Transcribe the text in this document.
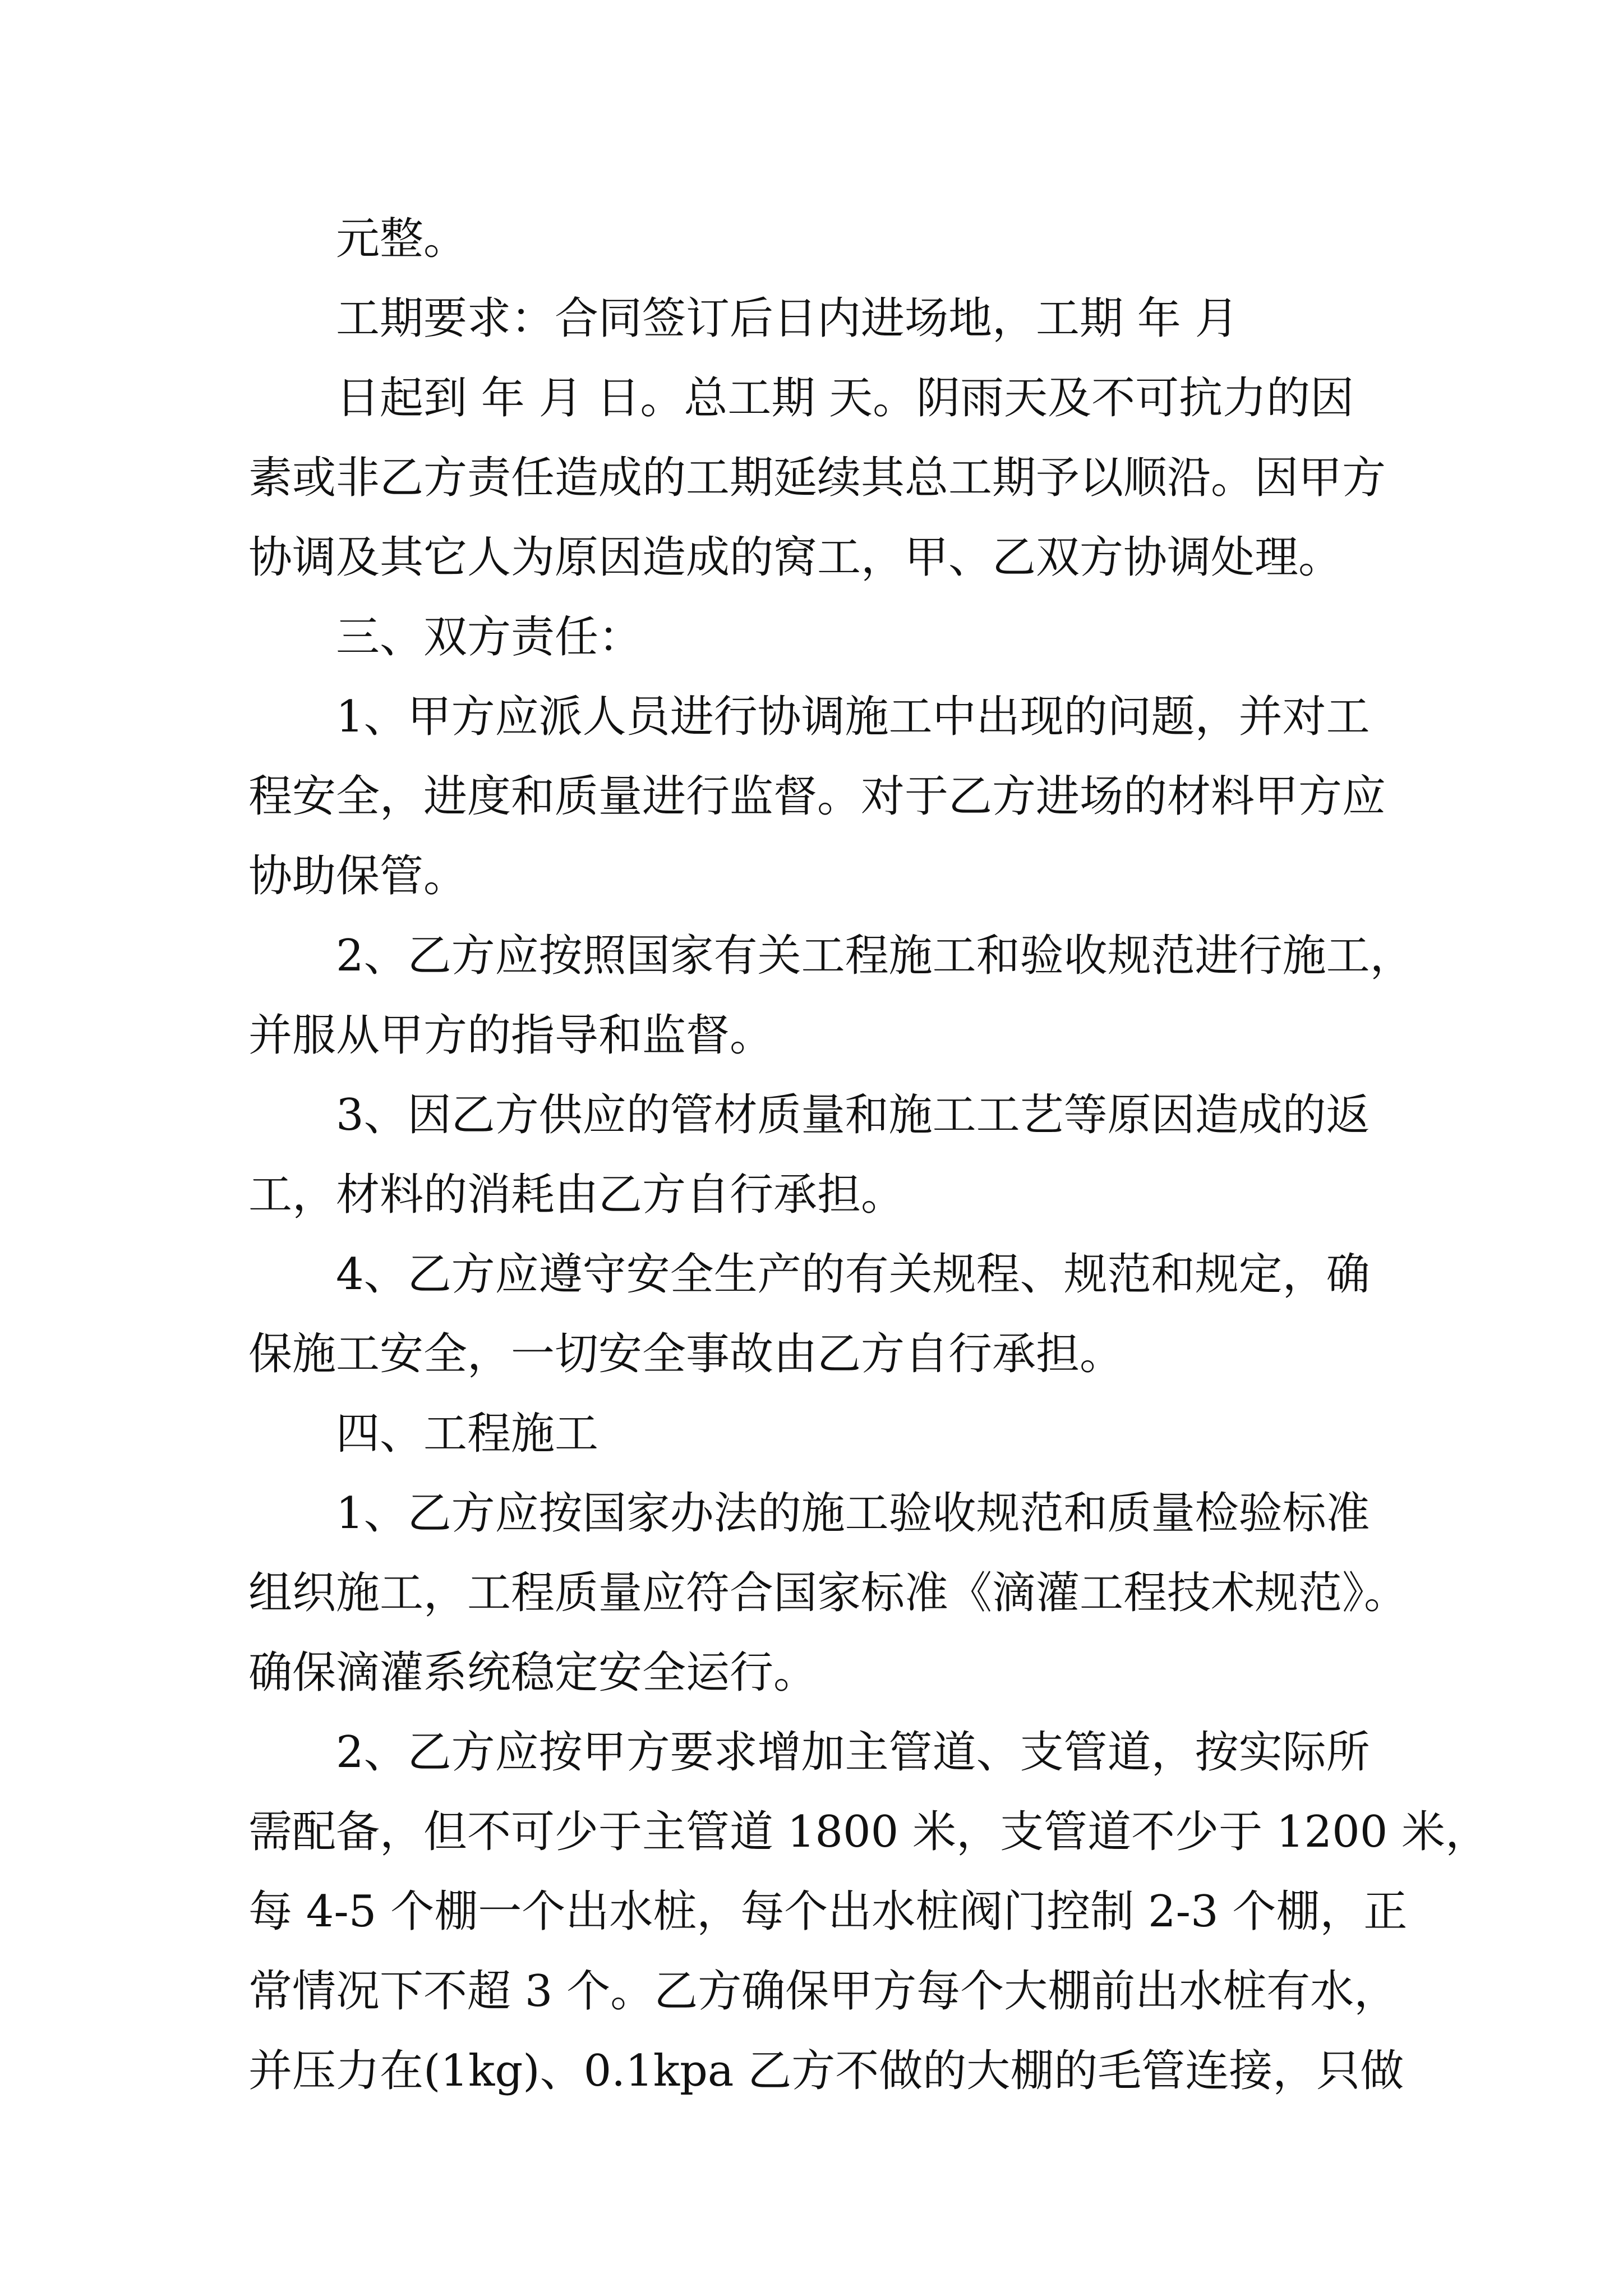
元整。
工期要求：合同签订后日内进场地，工期 年 月
日起到 年 月 日。总工期 天。阴雨天及不可抗力的因
素或非乙方责任造成的工期延续其总工期予以顺沿。因甲方
协调及其它人为原因造成的窝工，甲、乙双方协调处理。
三、双方责任：
1、甲方应派人员进行协调施工中出现的问题，并对工
程安全，进度和质量进行监督。对于乙方进场的材料甲方应
协助保管。
2、乙方应按照国家有关工程施工和验收规范进行施工，
并服从甲方的指导和监督。
3、因乙方供应的管材质量和施工工艺等原因造成的返
工，材料的消耗由乙方自行承担。
4、乙方应遵守安全生产的有关规程、规范和规定，确
保施工安全，一切安全事故由乙方自行承担。
四、工程施工
1、乙方应按国家办法的施工验收规范和质量检验标准
组织施工，工程质量应符合国家标准《滴灌工程技术规范》。
确保滴灌系统稳定安全运行。
2、乙方应按甲方要求增加主管道、支管道，按实际所
需配备，但不可少于主管道 1800 米，支管道不少于 1200 米，
每 4-5 个棚一个出水桩，每个出水桩阀门控制 2-3 个棚，正
常情况下不超 3 个。乙方确保甲方每个大棚前出水桩有水，
并压力在(1kg)、0.1kpa 乙方不做的大棚的毛管连接，只做
